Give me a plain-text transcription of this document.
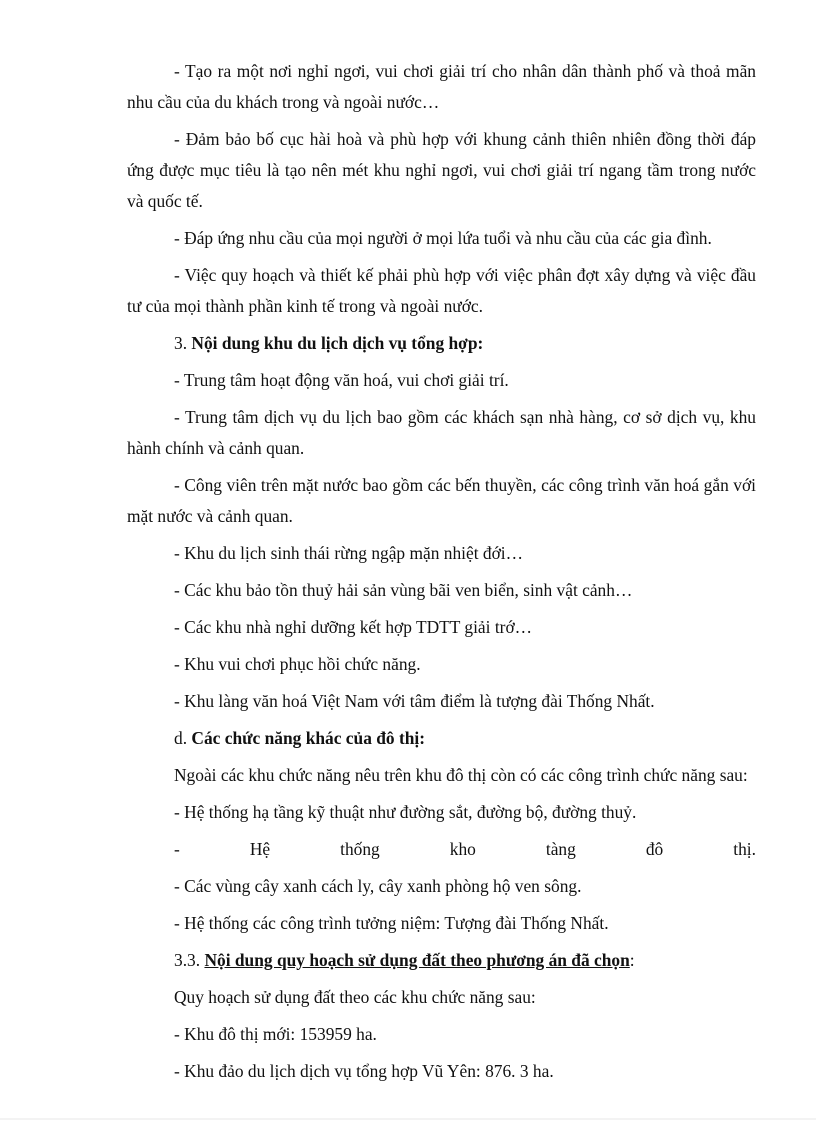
- Tạo ra một nơi nghỉ ngơi, vui chơi giải trí cho nhân dân thành phố và thoả mãn nhu cầu của du khách trong và ngoài nước…

- Đảm bảo bố cục hài hoà và phù hợp với khung cảnh thiên nhiên đồng thời đáp ứng được mục tiêu là tạo nên mét khu nghỉ ngơi, vui chơi giải trí ngang tầm trong nước và quốc tế.

- Đáp ứng nhu cầu của mọi người ở mọi lứa tuổi và nhu cầu của các gia đình.

- Việc quy hoạch và thiết kế phải phù hợp với việc phân đợt xây dựng và việc đầu tư của mọi thành phần kinh tế trong và ngoài nước.

3. Nội dung khu du lịch dịch vụ tổng hợp:

- Trung tâm hoạt động văn hoá, vui chơi giải trí.

- Trung tâm dịch vụ du lịch bao gồm các khách sạn nhà hàng, cơ sở dịch vụ, khu hành chính và cảnh quan.

- Công viên trên mặt nước bao gồm các bến thuyền, các công trình văn hoá gắn với mặt nước và cảnh quan.

- Khu du lịch sinh thái rừng ngập mặn nhiệt đới…

- Các khu bảo tồn thuỷ hải sản vùng bãi ven biển, sinh vật cảnh…

- Các khu nhà nghỉ dưỡng kết hợp TDTT giải trớ…

- Khu vui chơi phục hồi chức năng.

- Khu làng văn hoá Việt Nam với tâm điểm là tượng đài Thống Nhất.

d. Các chức năng khác của đô thị:

Ngoài các khu chức năng nêu trên khu đô thị còn có các công trình chức năng sau:

- Hệ thống hạ tầng kỹ thuật như đường sắt, đường bộ, đường thuỷ.

-	Hệ	thống	kho	tàng	đô	thị.

- Các vùng cây xanh cách ly, cây xanh phòng hộ ven sông.

- Hệ thống các công trình tưởng niệm: Tượng đài Thống Nhất.

3.3. Nội dung quy hoạch sử dụng đất theo phương án đã chọn:

Quy hoạch sử dụng đất theo các khu chức năng sau:

- Khu đô thị mới: 153959 ha.

- Khu đảo du lịch dịch vụ tổng hợp Vũ Yên: 876. 3 ha.
